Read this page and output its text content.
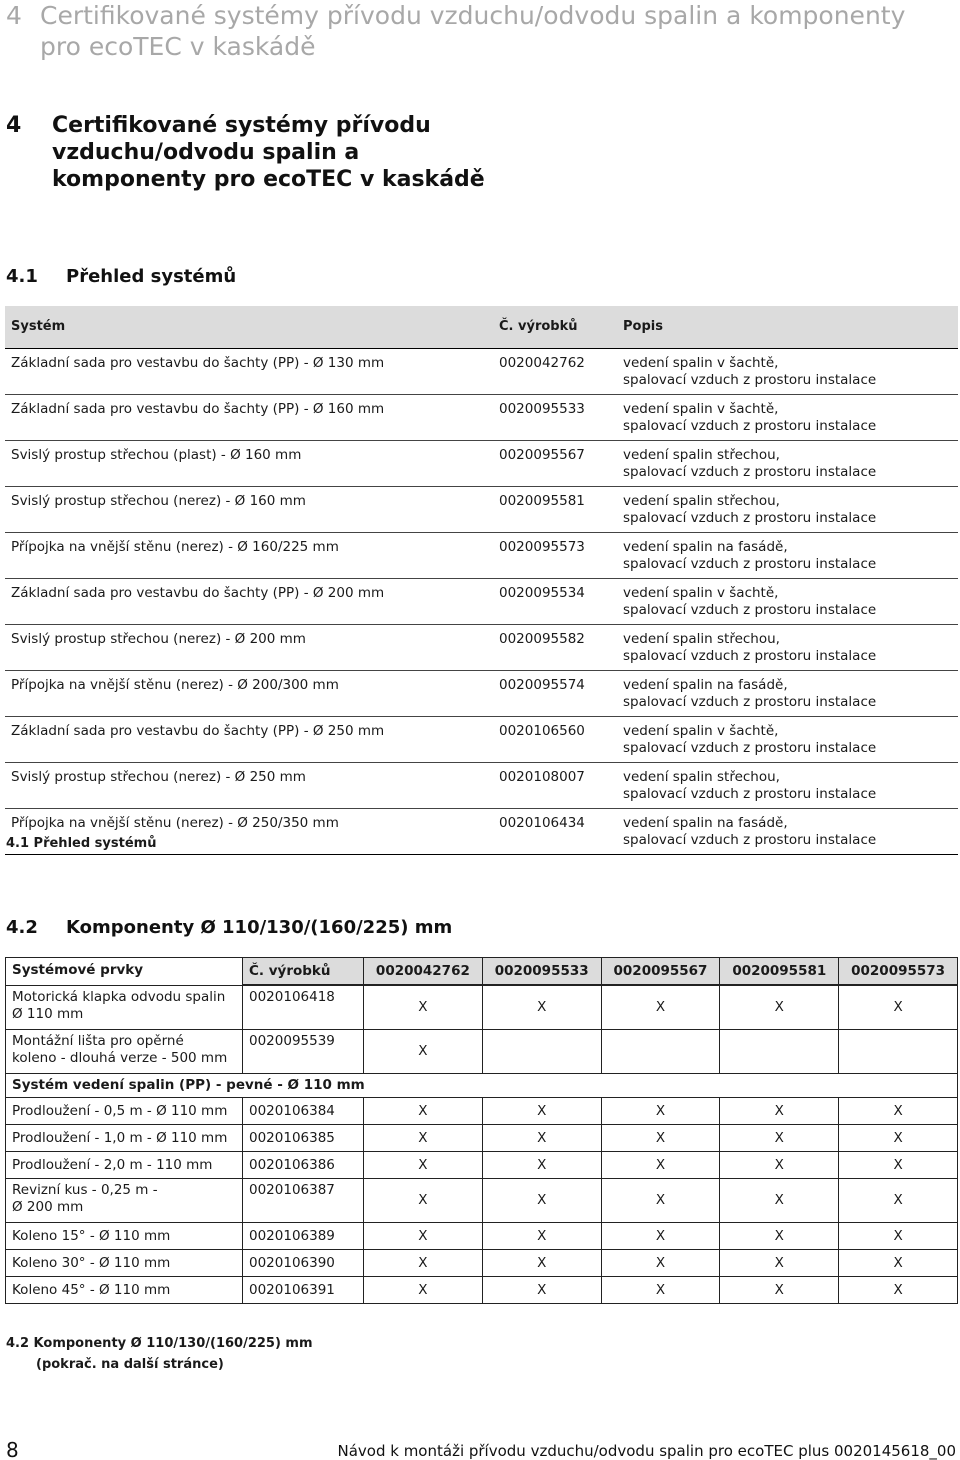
4 Certifikované systémy přívodu vzduchu/odvodu spalin a komponenty
pro ecoTEC v kaskádě
4	Certifikované systémy přívodu vzduchu/odvodu spalin a komponenty pro ecoTEC v kaskádě
4.1 Přehled systémů
Systém	Č. výrobků	Popis
Základní sada pro vestavbu do šachty (PP) - Ø 130 mm	0020042762	vedení spalin v šachtě,
spalovací vzduch z prostoru instalace

Základní sada pro vestavbu do šachty (PP) - Ø 160 mm	0020095533	vedení spalin v šachtě,
spalovací vzduch z prostoru instalace

Svislý prostup střechou (plast) - Ø 160 mm	0020095567	vedení spalin střechou,
spalovací vzduch z prostoru instalace

Svislý prostup střechou (nerez) - Ø 160 mm	0020095581	vedení spalin střechou,
spalovací vzduch z prostoru instalace

Přípojka na vnější stěnu (nerez) - Ø 160/225 mm	0020095573	vedení spalin na fasádě,
spalovací vzduch z prostoru instalace

Základní sada pro vestavbu do šachty (PP) - Ø 200 mm	0020095534	vedení spalin v šachtě,
spalovací vzduch z prostoru instalace

Svislý prostup střechou (nerez) - Ø 200 mm	0020095582	vedení spalin střechou,
spalovací vzduch z prostoru instalace

Přípojka na vnější stěnu (nerez) - Ø 200/300 mm	0020095574	vedení spalin na fasádě,
spalovací vzduch z prostoru instalace

Základní sada pro vestavbu do šachty (PP) - Ø 250 mm	0020106560	vedení spalin v šachtě,
spalovací vzduch z prostoru instalace

Svislý prostup střechou (nerez) - Ø 250 mm	0020108007	vedení spalin střechou,
spalovací vzduch z prostoru instalace

Přípojka na vnější stěnu (nerez) - Ø 250/350 mm	0020106434	vedení spalin na fasádě,
spalovací vzduch z prostoru instalace
4.1 Přehled systémů
4.2 Komponenty Ø 110/130/(160/225) mm
Systémové prvky	Č. výrobků	0020042762	0020095533	0020095567	0020095581	0020095573

Motorická klapka odvodu spalin
Ø 110 mm	0020106418	X	X	X	X	X

Montážní lišta pro opěrné
koleno - dlouhá verze - 500 mm	0020095539	X				
Systém vedení spalin (PP) - pevné - Ø 110 mm						

Prodloužení - 0,5 m - Ø 110 mm	0020106384	X	X	X	X	X

Prodloužení - 1,0 m - Ø 110 mm	0020106385	X	X	X	X	X

Prodloužení - 2,0 m - 110 mm	0020106386	X	X	X	X	X

Revizní kus - 0,25 m -
Ø 200 mm	0020106387	X	X	X	X	X

Koleno 15° - Ø 110 mm	0020106389	X	X	X	X	X

Koleno 30° - Ø 110 mm	0020106390	X	X	X	X	X

Koleno 45° - Ø 110 mm	0020106391	X	X	X	X	X
4.2 Komponenty Ø 110/130/(160/225) mm
(pokrač. na další stránce)
8	Návod k montáži přívodu vzduchu/odvodu spalin pro ecoTEC plus 0020145618_00
